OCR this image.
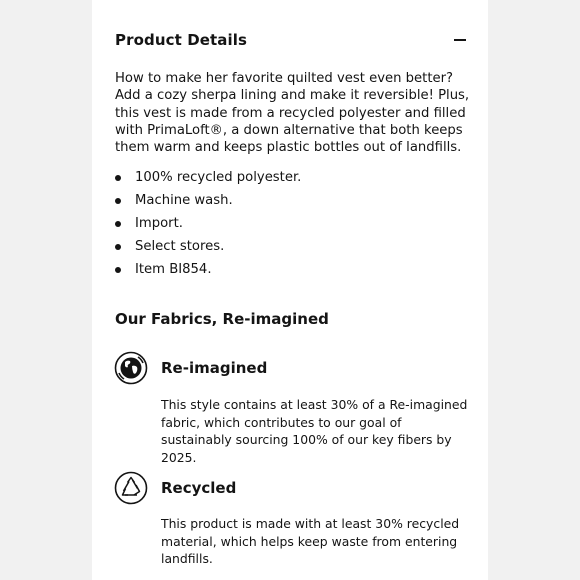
Product Details

How to make her favorite quilted vest even better? Add a cozy sherpa lining and make it reversible! Plus, this vest is made from a recycled polyester and filled with PrimaLoft®, a down alternative that both keeps them warm and keeps plastic bottles out of landfills.

100% recycled polyester.
Machine wash.
Import.
Select stores.
Item BI854.
Our Fabrics, Re-imagined
Re-imagined

This style contains at least 30% of a Re-imagined fabric, which contributes to our goal of sustainably sourcing 100% of our key fibers by 2025.

Recycled

This product is made with at least 30% recycled material, which helps keep waste from entering landfills.
